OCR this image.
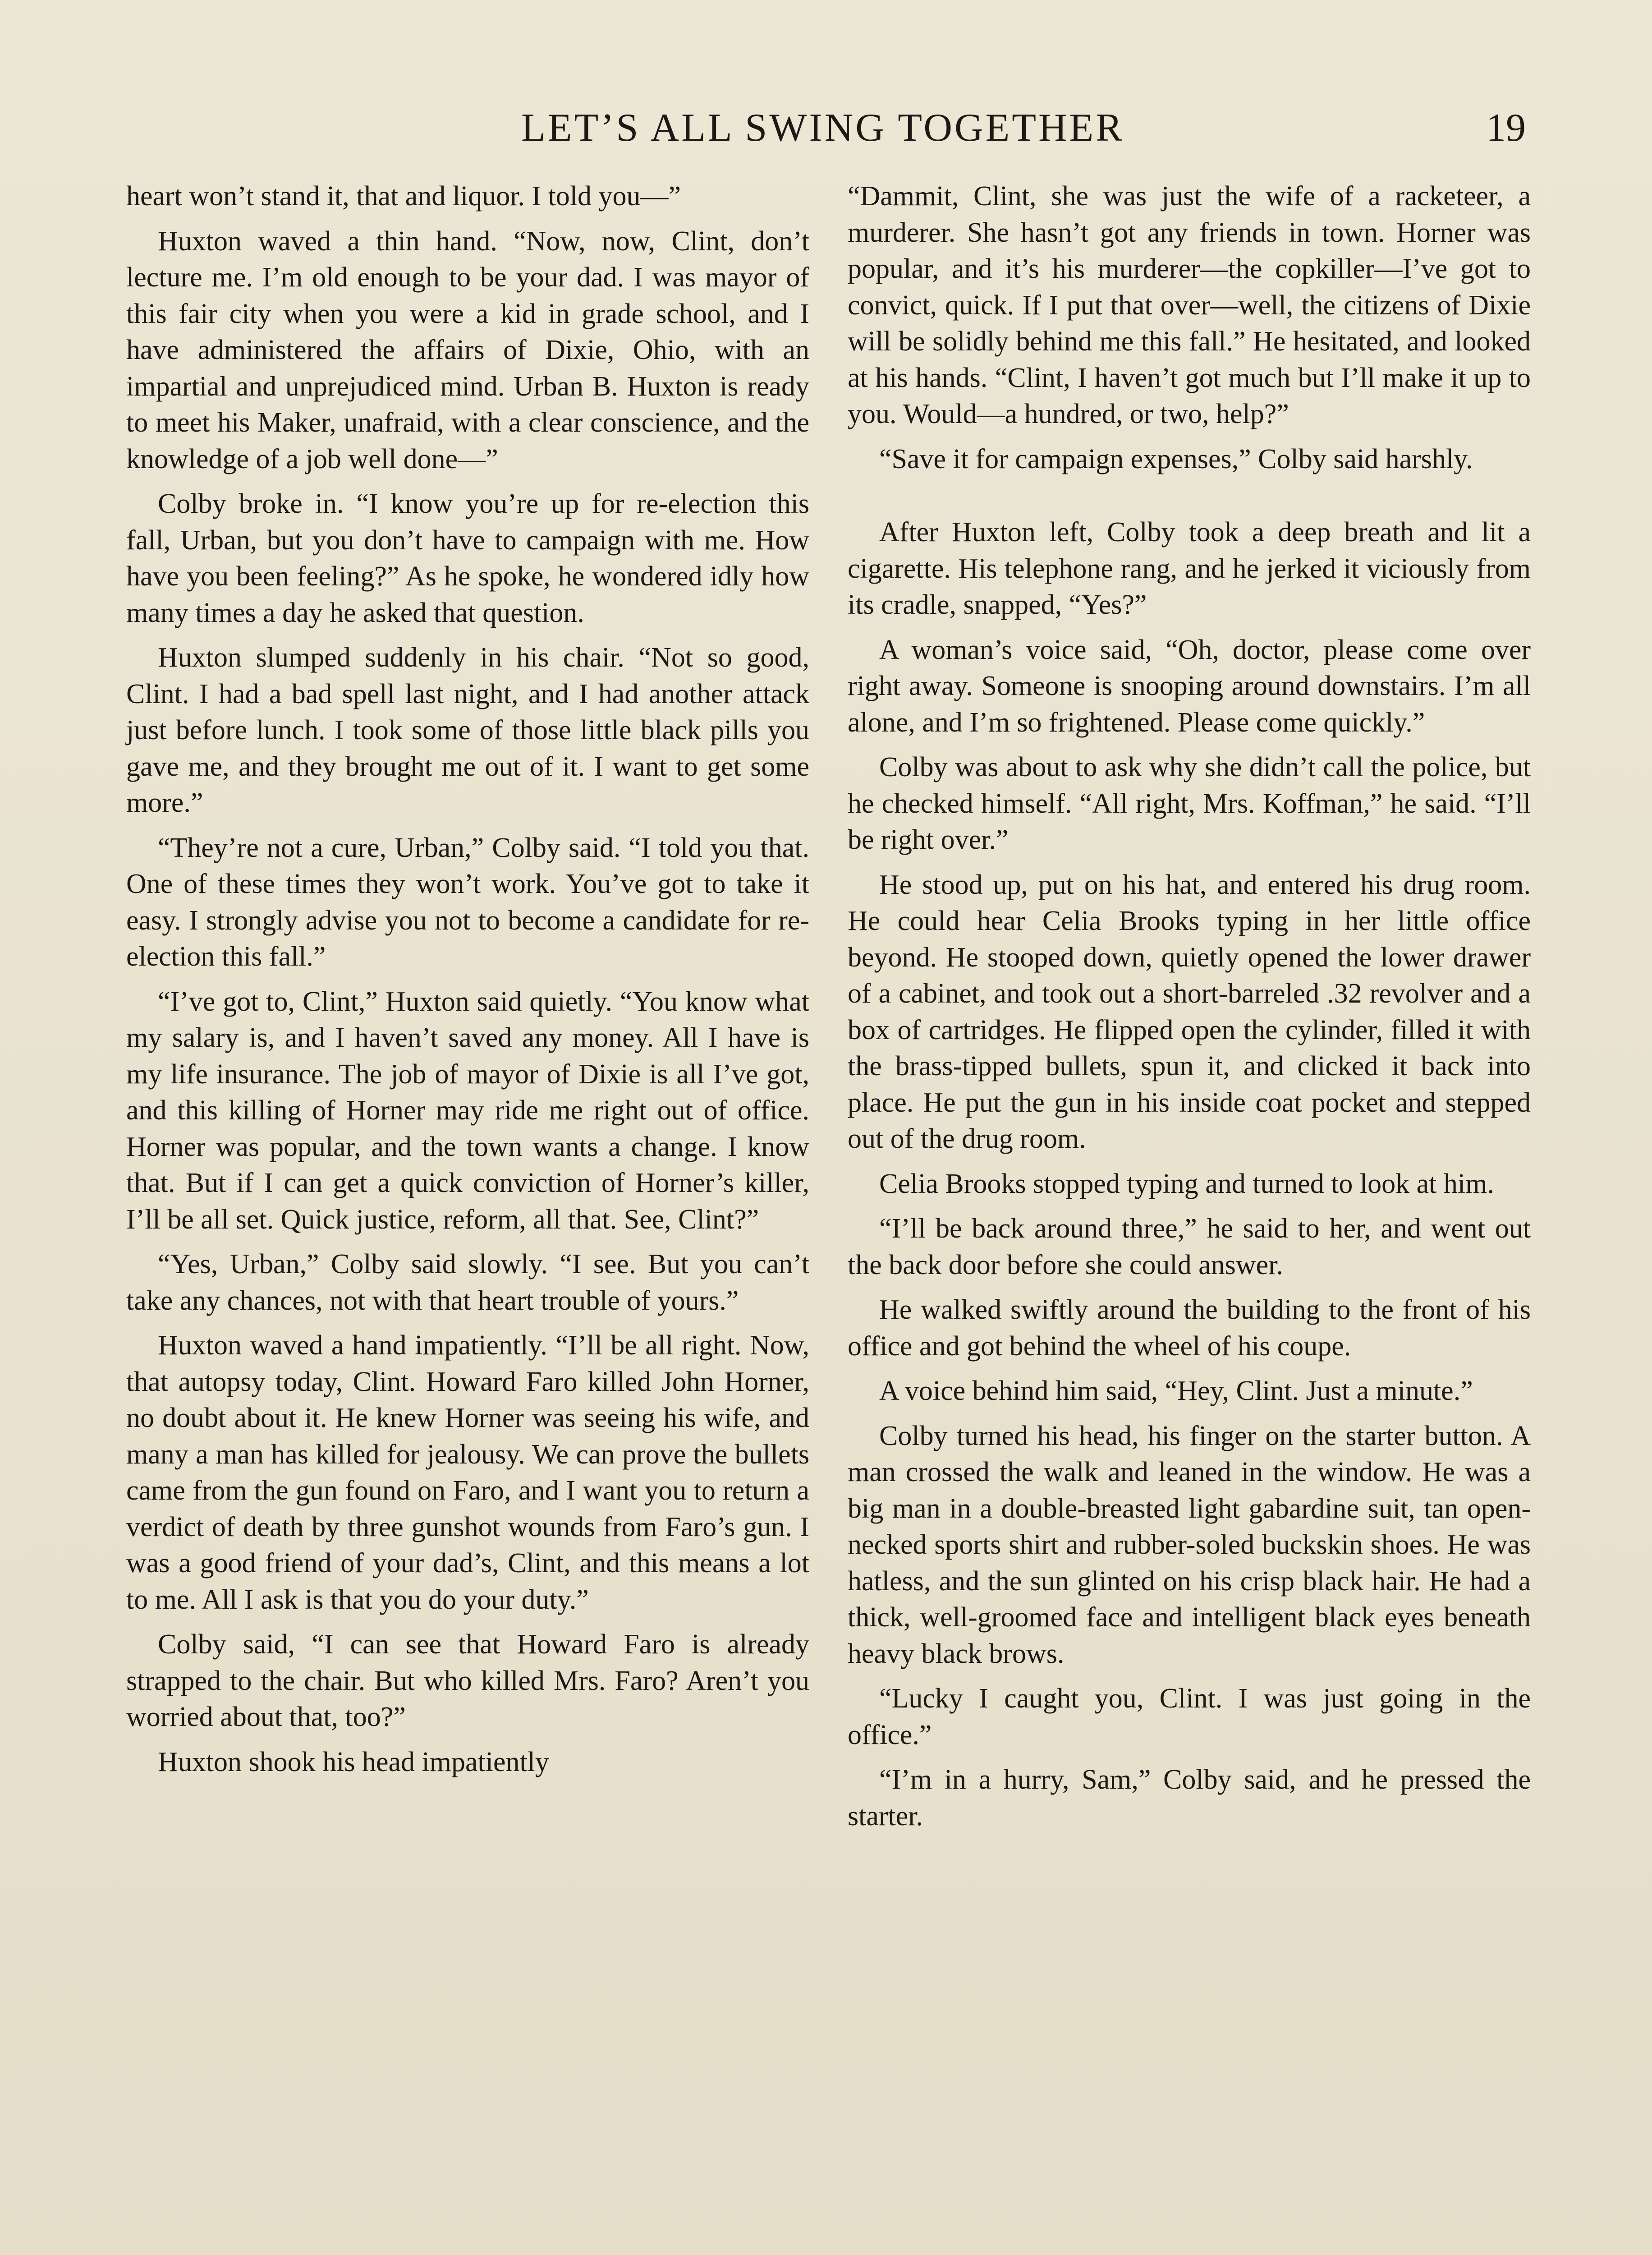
LET’S ALL SWING TOGETHER	19

heart won’t stand it, that and liquor. I told you—”

Huxton waved a thin hand. “Now, now, Clint, don’t lecture me. I’m old enough to be your dad. I was mayor of this fair city when you were a kid in grade school, and I have administered the affairs of Dixie, Ohio, with an impartial and unprejudiced mind. Urban B. Huxton is ready to meet his Maker, unafraid, with a clear conscience, and the knowledge of a job well done—”

Colby broke in. “I know you’re up for re-election this fall, Urban, but you don’t have to campaign with me. How have you been feeling?” As he spoke, he wondered idly how many times a day he asked that question.

Huxton slumped suddenly in his chair. “Not so good, Clint. I had a bad spell last night, and I had another attack just before lunch. I took some of those little black pills you gave me, and they brought me out of it. I want to get some more.”

“They’re not a cure, Urban,” Colby said. “I told you that. One of these times they won’t work. You’ve got to take it easy. I strongly advise you not to become a candidate for re-election this fall.”

“I’ve got to, Clint,” Huxton said quietly. “You know what my salary is, and I haven’t saved any money. All I have is my life insurance. The job of mayor of Dixie is all I’ve got, and this killing of Horner may ride me right out of office. Horner was popular, and the town wants a change. I know that. But if I can get a quick conviction of Horner’s killer, I’ll be all set. Quick justice, reform, all that. See, Clint?”

“Yes, Urban,” Colby said slowly. “I see. But you can’t take any chances, not with that heart trouble of yours.”

Huxton waved a hand impatiently. “I’ll be all right. Now, that autopsy today, Clint. Howard Faro killed John Horner, no doubt about it. He knew Horner was seeing his wife, and many a man has killed for jealousy. We can prove the bullets came from the gun found on Faro, and I want you to return a verdict of death by three gunshot wounds from Faro’s gun. I was a good friend of your dad’s, Clint, and this means a lot to me. All I ask is that you do your duty.”

Colby said, “I can see that Howard Faro is already strapped to the chair. But who killed Mrs. Faro? Aren’t you worried about that, too?”

Huxton shook his head impatiently

“Dammit, Clint, she was just the wife of a racketeer, a murderer. She hasn’t got any friends in town. Horner was popular, and it’s his murderer—the copkiller—I’ve got to convict, quick. If I put that over—well, the citizens of Dixie will be solidly behind me this fall.” He hesitated, and looked at his hands. “Clint, I haven’t got much but I’ll make it up to you. Would—a hundred, or two, help?”

“Save it for campaign expenses,” Colby said harshly.

After Huxton left, Colby took a deep breath and lit a cigarette. His telephone rang, and he jerked it viciously from its cradle, snapped, “Yes?”

A woman’s voice said, “Oh, doctor, please come over right away. Someone is snooping around downstairs. I’m all alone, and I’m so frightened. Please come quickly.”

Colby was about to ask why she didn’t call the police, but he checked himself. “All right, Mrs. Koffman,” he said. “I’ll be right over.”

He stood up, put on his hat, and entered his drug room. He could hear Celia Brooks typing in her little office beyond. He stooped down, quietly opened the lower drawer of a cabinet, and took out a short-barreled .32 revolver and a box of cartridges. He flipped open the cylinder, filled it with the brass-tipped bullets, spun it, and clicked it back into place. He put the gun in his inside coat pocket and stepped out of the drug room.

Celia Brooks stopped typing and turned to look at him.

“I’ll be back around three,” he said to her, and went out the back door before she could answer.

He walked swiftly around the building to the front of his office and got behind the wheel of his coupe.

A voice behind him said, “Hey, Clint. Just a minute.”

Colby turned his head, his finger on the starter button. A man crossed the walk and leaned in the window. He was a big man in a double-breasted light gabardine suit, tan open-necked sports shirt and rubber-soled buckskin shoes. He was hatless, and the sun glinted on his crisp black hair. He had a thick, well-groomed face and intelligent black eyes beneath heavy black brows.

“Lucky I caught you, Clint. I was just going in the office.”

“I’m in a hurry, Sam,” Colby said, and he pressed the starter.
